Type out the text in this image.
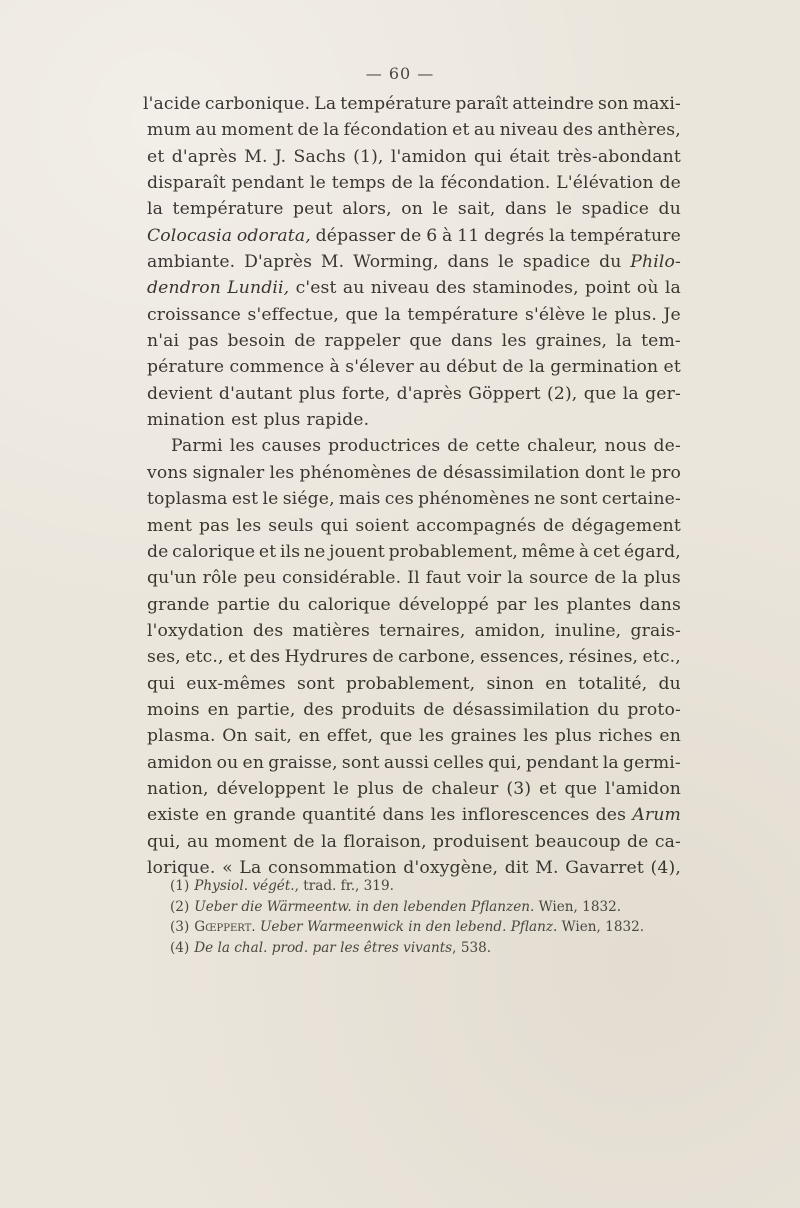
— 60 —
l'acide carbonique. La température paraît atteindre son maxi-
mum au moment de la fécondation et au niveau des anthères,
et d'après M. J. Sachs (1), l'amidon qui était très-abondant
disparaît pendant le temps de la fécondation. L'élévation de
la température peut alors, on le sait, dans le spadice du
Colocasia odorata, dépasser de 6 à 11 degrés la température
ambiante. D'après M. Worming, dans le spadice du Philo-
dendron Lundii, c'est au niveau des staminodes, point où la
croissance s'effectue, que la température s'élève le plus. Je
n'ai pas besoin de rappeler que dans les graines, la tem-
pérature commence à s'élever au début de la germination et
devient d'autant plus forte, d'après Göppert (2), que la ger-
mination est plus rapide.
Parmi les causes productrices de cette chaleur, nous de-
vons signaler les phénomènes de désassimilation dont le pro
toplasma est le siége, mais ces phénomènes ne sont certaine-
ment pas les seuls qui soient accompagnés de dégagement
de calorique et ils ne jouent probablement, même à cet égard,
qu'un rôle peu considérable. Il faut voir la source de la plus
grande partie du calorique développé par les plantes dans
l'oxydation des matières ternaires, amidon, inuline, grais-
ses, etc., et des Hydrures de carbone, essences, résines, etc.,
qui eux-mêmes sont probablement, sinon en totalité, du
moins en partie, des produits de désassimilation du proto-
plasma. On sait, en effet, que les graines les plus riches en
amidon ou en graisse, sont aussi celles qui, pendant la germi-
nation, développent le plus de chaleur (3) et que l'amidon
existe en grande quantité dans les inflorescences des Arum
qui, au moment de la floraison, produisent beaucoup de ca-
lorique. « La consommation d'oxygène, dit M. Gavarret (4),
(1) Physiol. végét., trad. fr., 319.
(2) Ueber die Wärmeentw. in den lebenden Pflanzen. Wien, 1832.
(3) Gœppert. Ueber Warmeenwick in den lebend. Pflanz. Wien, 1832.
(4) De la chal. prod. par les êtres vivants, 538.
